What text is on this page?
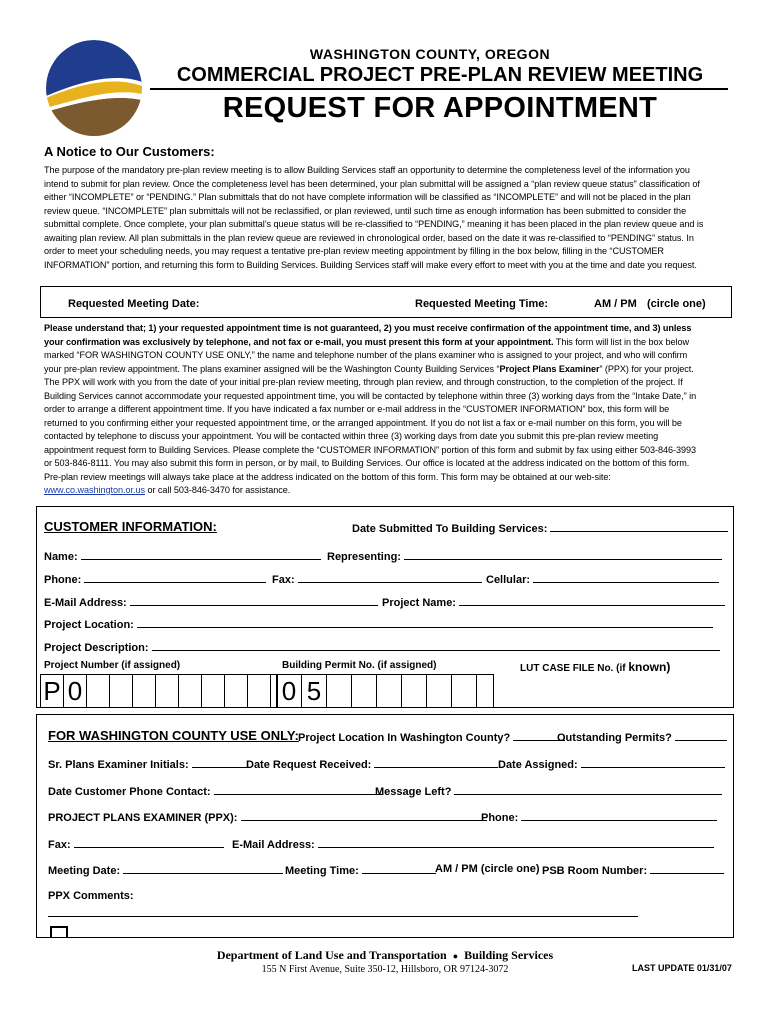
WASHINGTON COUNTY, OREGON
COMMERCIAL PROJECT PRE-PLAN REVIEW MEETING
REQUEST FOR APPOINTMENT
A Notice to Our Customers:
The purpose of the mandatory pre-plan review meeting is to allow Building Services staff an opportunity to determine the completeness level of the information you
intend to submit for plan review. Once the completeness level has been determined, your plan submittal will be assigned a “plan review queue status” classification of
either “INCOMPLETE” or “PENDING.” Plan submittals that do not have complete information will be classified as “INCOMPLETE” and will not be placed in the plan
review queue. “INCOMPLETE” plan submittals will not be reclassified, or plan reviewed, until such time as enough information has been submitted to consider the
submittal complete. Once complete, your plan submittal’s queue status will be re-classified to “PENDING,” meaning it has been placed in the plan review queue and is
awaiting plan review. All plan submittals in the plan review queue are reviewed in chronological order, based on the date it was re-classified to “PENDING” status. In
order to meet your scheduling needs, you may request a tentative pre-plan review meeting appointment by filling in the box below, filling in the “CUSTOMER
INFORMATION” portion, and returning this form to Building Services. Building Services staff will make every effort to meet with you at the time and date you request.
Requested Meeting Date:	Requested Meeting Time:	AM / PM (circle one)
Please understand that; 1) your requested appointment time is not guaranteed, 2) you must receive confirmation of the appointment time, and 3) unless
your confirmation was exclusively by telephone, and not fax or e-mail, you must present this form at your appointment. This form will list in the box below
marked “FOR WASHINGTON COUNTY USE ONLY,” the name and telephone number of the plans examiner who is assigned to your project, and who will confirm
your pre-plan review appointment. The plans examiner assigned will be the Washington County Building Services “Project Plans Examiner” (PPX) for your project.
The PPX will work with you from the date of your initial pre-plan review meeting, through plan review, and through construction, to the completion of the project. If
Building Services cannot accommodate your requested appointment time, you will be contacted by telephone within three (3) working days from the “Intake Date,” in
order to arrange a different appointment time. If you have indicated a fax number or e-mail address in the “CUSTOMER INFORMATION” box, this form will be
returned to you confirming either your requested appointment time, or the arranged appointment. If you do not list a fax or e-mail number on this form, you will be
contacted by telephone to discuss your appointment. You will be contacted within three (3) working days from date you submit this pre-plan review meeting
appointment request form to Building Services. Please complete the “CUSTOMER INFORMATION” portion of this form and submit by fax using either 503-846-3993
or 503-846-8111. You may also submit this form in person, or by mail, to Building Services. Our office is located at the address indicated on the bottom of this form.
Pre-plan review meetings will always take place at the address indicated on the bottom of this form. This form may be obtained at our web-site:
www.co.washington.or.us or call 503-846-3470 for assistance.
CUSTOMER INFORMATION:	Date Submitted To Building Services:
Name:	Representing:
Phone:	Fax:	Cellular:
E-Mail Address:	Project Name:
Project Location:
Project Description:
Project Number (if assigned)	Building Permit No. (if assigned)	LUT CASE FILE No. (if known)
P 0	0 5
FOR WASHINGTON COUNTY USE ONLY: Project Location In Washington County?	Outstanding Permits?
Sr. Plans Examiner Initials:	Date Request Received:	Date Assigned:
Date Customer Phone Contact:	Message Left?
PROJECT PLANS EXAMINER (PPX):	Phone:
Fax:	E-Mail Address:
Meeting Date:	Meeting Time:	AM / PM (circle one) PSB Room Number:
PPX Comments:
Department of Land Use and Transportation ● Building Services
155 N First Avenue, Suite 350-12, Hillsboro, OR 97124-3072	LAST UPDATE 01/31/07
